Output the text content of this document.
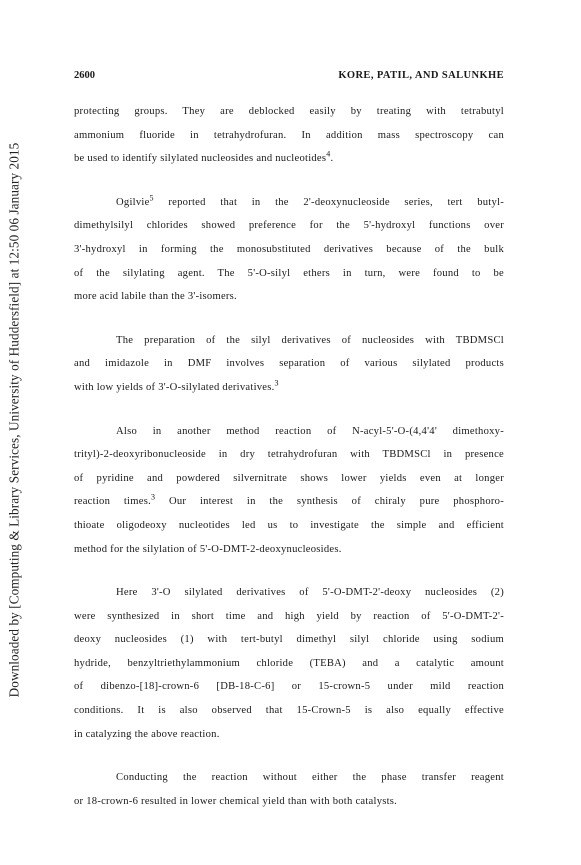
Downloaded by [Computing & Library Services, University of Huddersfield] at 12:50 06 January 2015
2600	KORE, PATIL, AND SALUNKHE
protecting groups. They are deblocked easily by treating with tetrabutyl
ammonium fluoride in tetrahydrofuran. In addition mass spectroscopy can
be used to identify silylated nucleosides and nucleotides$^4$.
Ogilvie$^5$ reported that in the 2'-deoxynucleoside series, tert butyl-
dimethylsilyl chlorides showed preference for the 5'-hydroxyl functions over
3'-hydroxyl in forming the monosubstituted derivatives because of the bulk
of the silylating agent. The 5'-O-silyl ethers in turn, were found to be
more acid labile than the 3'-isomers.
The preparation of the silyl derivatives of nucleosides with TBDMSCl
and imidazole in DMF involves separation of various silylated products
with low yields of 3'-O-silylated derivatives.$^3$
Also in another method reaction of N-acyl-5'-O-(4,4'4' dimethoxy-
trityl)-2-deoxyribonucleoside in dry tetrahydrofuran with TBDMSCl in presence
of pyridine and powdered silvernitrate shows lower yields even at longer
reaction times.$^3$ Our interest in the synthesis of chiraly pure phosphoro-
thioate oligodeoxy nucleotides led us to investigate the simple and efficient
method for the silylation of 5'-O-DMT-2-deoxynucleosides.
Here 3'-O silylated derivatives of 5'-O-DMT-2'-deoxy nucleosides (2)
were synthesized in short time and high yield by reaction of 5'-O-DMT-2'-
deoxy nucleosides (1) with tert-butyl dimethyl silyl chloride using sodium
hydride, benzyltriethylammonium chloride (TEBA) and a catalytic amount
of dibenzo-[18]-crown-6 [DB-18-C-6] or 15-crown-5 under mild reaction
conditions. It is also observed that 15-Crown-5 is also equally effective
in catalyzing the above reaction.
Conducting the reaction without either the phase transfer reagent
or 18-crown-6 resulted in lower chemical yield than with both catalysts.
